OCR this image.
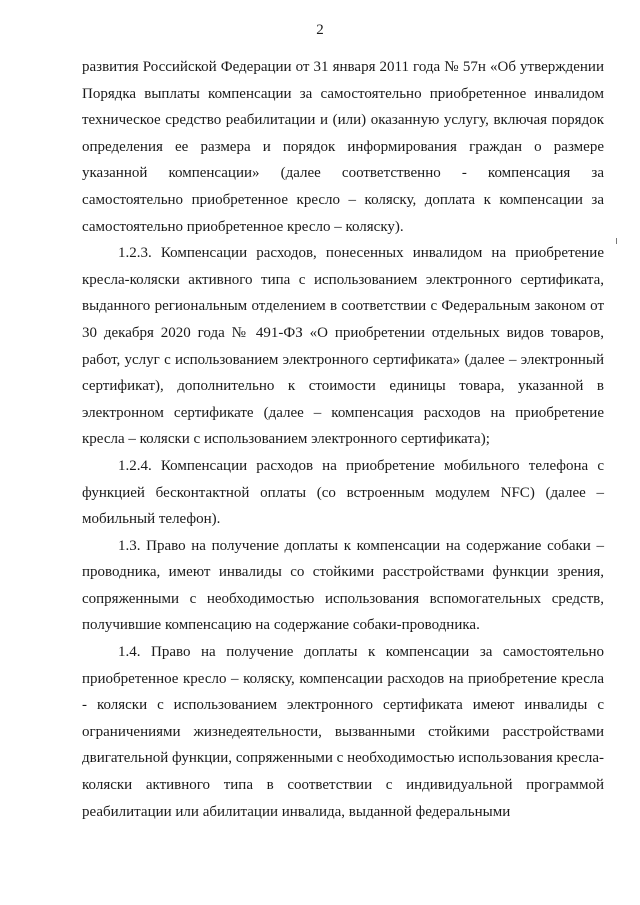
2

развития Российской Федерации от 31 января 2011 года № 57н «Об утверждении Порядка выплаты компенсации за самостоятельно приобретенное инвалидом техническое средство реабилитации и (или) оказанную услугу, включая порядок определения ее размера и порядок информирования граждан о размере указанной компенсации» (далее соответственно - компенсация за самостоятельно приобретенное кресло – коляску, доплата к компенсации за самостоятельно приобретенное кресло – коляску).

1.2.3. Компенсации расходов, понесенных инвалидом на приобретение кресла-коляски активного типа с использованием электронного сертификата, выданного региональным отделением в соответствии с Федеральным законом от 30 декабря 2020 года № 491-ФЗ «О приобретении отдельных видов товаров, работ, услуг с использованием электронного сертификата» (далее – электронный сертификат), дополнительно к стоимости единицы товара, указанной в электронном сертификате (далее – компенсация расходов на приобретение кресла – коляски с использованием электронного сертификата);

1.2.4. Компенсации расходов на приобретение мобильного телефона с функцией бесконтактной оплаты (со встроенным модулем NFC) (далее – мобильный телефон).

1.3. Право на получение доплаты к компенсации на содержание собаки – проводника, имеют инвалиды со стойкими расстройствами функции зрения, сопряженными с необходимостью использования вспомогательных средств, получившие компенсацию на содержание собаки-проводника.

1.4. Право на получение доплаты к компенсации за самостоятельно приобретенное кресло – коляску, компенсации расходов на приобретение кресла - коляски с использованием электронного сертификата имеют инвалиды с ограничениями жизнедеятельности, вызванными стойкими расстройствами двигательной функции, сопряженными с необходимостью использования кресла-коляски активного типа в соответствии с индивидуальной программой реабилитации или абилитации инвалида, выданной федеральными
